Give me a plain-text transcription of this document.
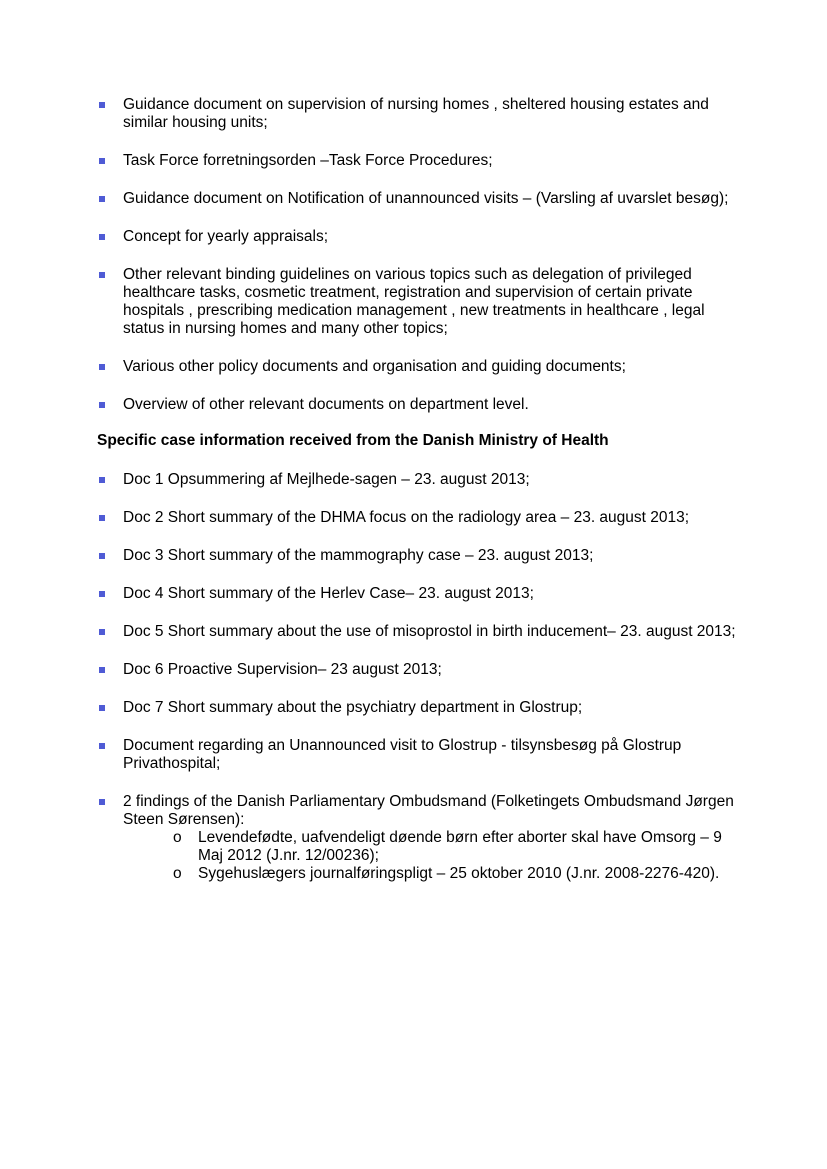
Guidance document on supervision of nursing homes , sheltered housing estates and similar housing units;
Task Force forretningsorden –Task Force Procedures;
Guidance document on Notification of unannounced visits – (Varsling af uvarslet besøg);
Concept for yearly appraisals;
Other relevant binding guidelines on various topics such as delegation of privileged healthcare tasks, cosmetic treatment, registration and supervision of certain private hospitals , prescribing medication management , new treatments in healthcare , legal status in nursing homes and many other topics;
Various other policy documents and organisation and guiding documents;
Overview of other relevant documents on department level.
Specific case information received from the Danish Ministry of Health
Doc 1 Opsummering af Mejlhede-sagen – 23. august 2013;
Doc 2 Short summary of the DHMA focus on the radiology area – 23. august 2013;
Doc 3 Short summary of the mammography case – 23. august 2013;
Doc 4 Short summary of the Herlev Case– 23. august 2013;
Doc 5 Short summary about the use of misoprostol in birth inducement– 23. august 2013;
Doc 6 Proactive Supervision– 23 august 2013;
Doc 7 Short summary about the psychiatry department in Glostrup;
Document regarding an Unannounced visit to Glostrup - tilsynsbesøg på Glostrup Privathospital;
2 findings of the Danish Parliamentary Ombudsmand (Folketingets Ombudsmand Jørgen Steen Sørensen):
o Levendefødte, uafvendeligt døende børn efter aborter skal have Omsorg – 9 Maj 2012 (J.nr. 12/00236);
o Sygehuslægers journalføringspligt – 25 oktober 2010 (J.nr. 2008-2276-420).
